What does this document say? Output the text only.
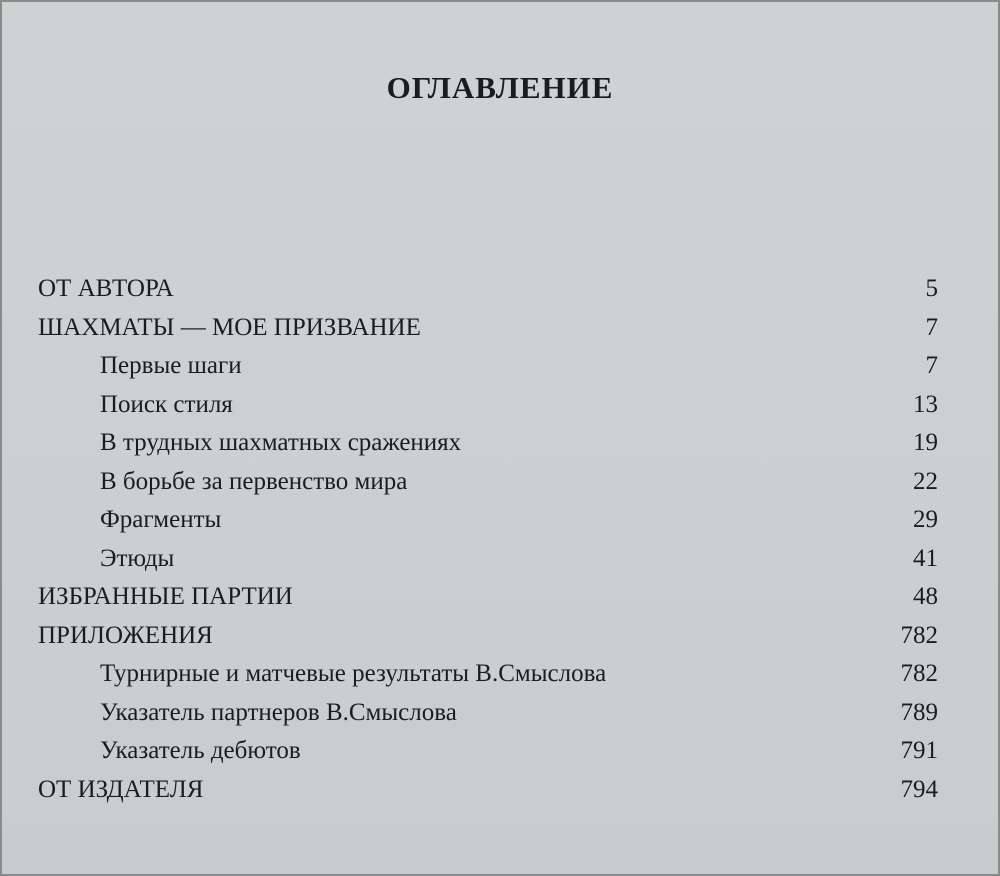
ОГЛАВЛЕНИЕ
ОТ АВТОРА	5
ШАХМАТЫ — МОЕ ПРИЗВАНИЕ	7
Первые шаги	7
Поиск стиля	13
В трудных шахматных сражениях	19
В борьбе за первенство мира	22
Фрагменты	29
Этюды	41
ИЗБРАННЫЕ ПАРТИИ	48
ПРИЛОЖЕНИЯ	782
Турнирные и матчевые результаты В.Смыслова	782
Указатель партнеров В.Смыслова	789
Указатель дебютов	791
ОТ ИЗДАТЕЛЯ	794
